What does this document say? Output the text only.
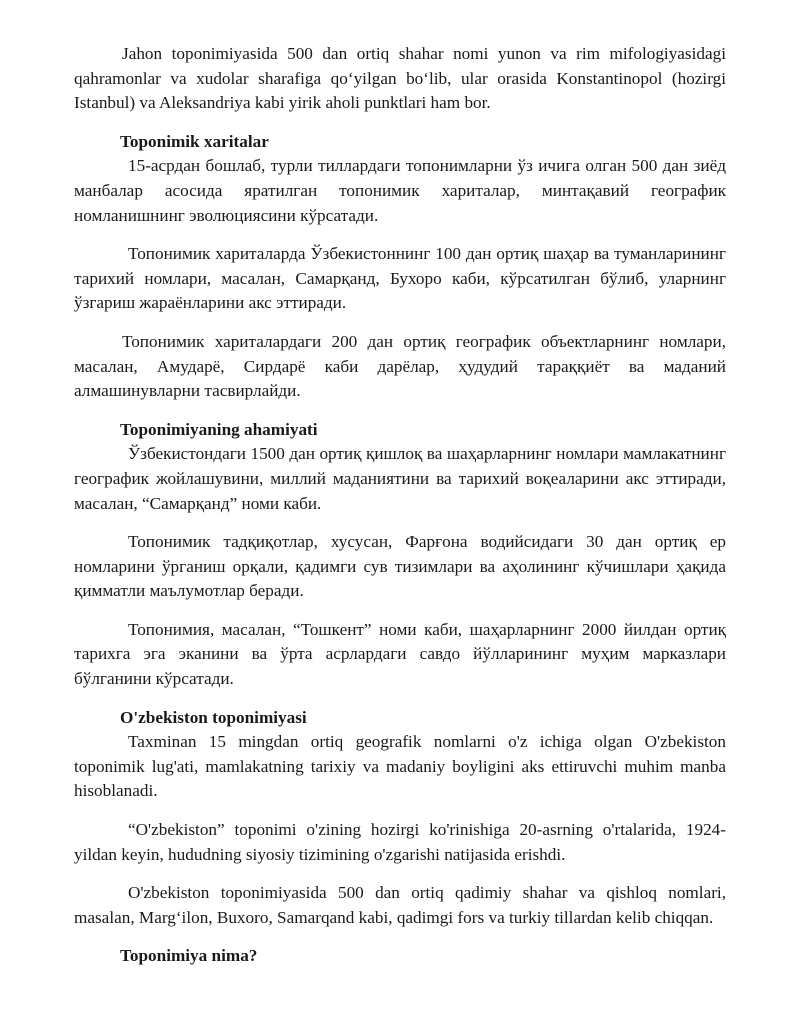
Jahon toponimiyasida 500 dan ortiq shahar nomi yunon va rim mifologiyasidagi qahramonlar va xudolar sharafiga qo‘yilgan bo‘lib, ular orasida Konstantinopol (hozirgi Istanbul) va Aleksandriya kabi yirik aholi punktlari ham bor.

Toponimik xaritalar

15-асрдан бошлаб, турли тиллардаги топонимларни ўз ичига олган 500 дан зиёд манбалар асосида яратилган топонимик хариталар, минтақавий географик номланишнинг эволюциясини кўрсатади.

Топонимик хариталарда Ўзбекистоннинг 100 дан ортиқ шаҳар ва туманларининг тарихий номлари, масалан, Самарқанд, Бухоро каби, кўрсатилган бўлиб, уларнинг ўзгариш жараёнларини акс эттиради.

Топонимик хариталардаги 200 дан ортиқ географик объектларнинг номлари, масалан, Амударё, Сирдарё каби дарёлар, ҳудудий тараққиёт ва маданий алмашинувларни тасвирлайди.

Toponimiyaning ahamiyati

Ўзбекистондаги 1500 дан ортиқ қишлоқ ва шаҳарларнинг номлари мамлакатнинг географик жойлашувини, миллий маданиятини ва тарихий воқеаларини акс эттиради, масалан, “Самарқанд” номи каби.

Топонимик тадқиқотлар, хусусан, Фарғона водийсидаги 30 дан ортиқ ер номларини ўрганиш орқали, қадимги сув тизимлари ва аҳолининг кўчишлари ҳақида қимматли маълумотлар беради.

Топонимия, масалан, “Тошкент” номи каби, шаҳарларнинг 2000 йилдан ортиқ тарихга эга эканини ва ўрта асрлардаги савдо йўлларининг муҳим марказлари бўлганини кўрсатади.

O'zbekiston toponimiyasi

Taxminan 15 mingdan ortiq geografik nomlarni o'z ichiga olgan O'zbekiston toponimik lug'ati, mamlakatning tarixiy va madaniy boyligini aks ettiruvchi muhim manba hisoblanadi.

“O'zbekiston” toponimi o'zining hozirgi ko'rinishiga 20-asrning o'rtalarida, 1924-yildan keyin, hududning siyosiy tizimining o'zgarishi natijasida erishdi.

O'zbekiston toponimiyasida 500 dan ortiq qadimiy shahar va qishloq nomlari, masalan, Marg‘ilon, Buxoro, Samarqand kabi, qadimgi fors va turkiy tillardan kelib chiqqan.

Toponimiya nima?
